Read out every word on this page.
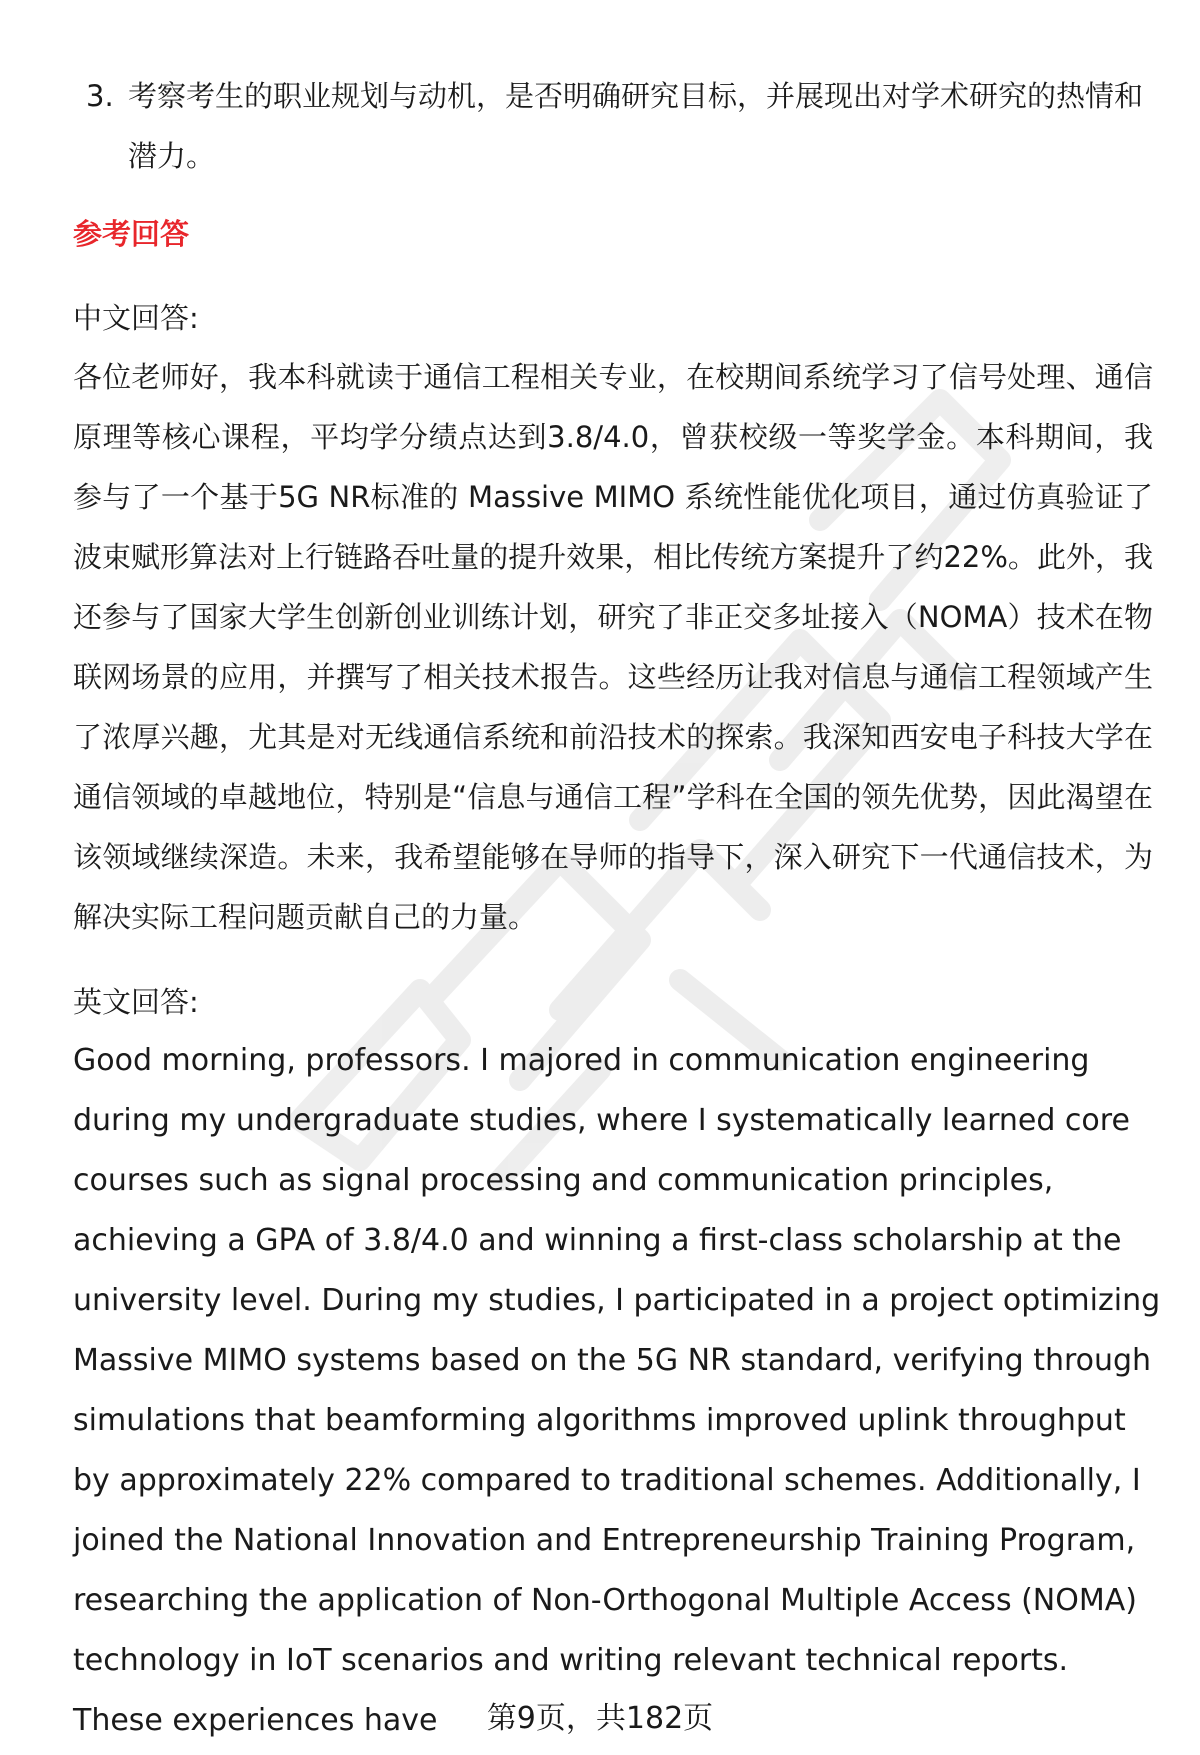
3. 考察考生的职业规划与动机，是否明确研究目标，并展现出对学术研究的热情和潜力。
参考回答
中文回答:
各位老师好，我本科就读于通信工程相关专业，在校期间系统学习了信号处理、通信原理等核心课程，平均学分绩点达到3.8/4.0，曾获校级一等奖学金。本科期间，我参与了一个基于5G NR标准的 Massive MIMO 系统性能优化项目，通过仿真验证了波束赋形算法对上行链路吞吐量的提升效果，相比传统方案提升了约22%。此外，我还参与了国家大学生创新创业训练计划，研究了非正交多址接入（NOMA）技术在物联网场景的应用，并撰写了相关技术报告。这些经历让我对信息与通信工程领域产生了浓厚兴趣，尤其是对无线通信系统和前沿技术的探索。我深知西安电子科技大学在通信领域的卓越地位，特别是“信息与通信工程”学科在全国的领先优势，因此渴望在该领域继续深造。未来，我希望能够在导师的指导下，深入研究下一代通信技术，为解决实际工程问题贡献自己的力量。
英文回答:
Good morning, professors. I majored in communication engineering during my undergraduate studies, where I systematically learned core courses such as signal processing and communication principles, achieving a GPA of 3.8/4.0 and winning a first-class scholarship at the university level. During my studies, I participated in a project optimizing Massive MIMO systems based on the 5G NR standard, verifying through simulations that beamforming algorithms improved uplink throughput by approximately 22% compared to traditional schemes. Additionally, I joined the National Innovation and Entrepreneurship Training Program, researching the application of Non-Orthogonal Multiple Access (NOMA) technology in IoT scenarios and writing relevant technical reports. These experiences have	第9页，共182页
